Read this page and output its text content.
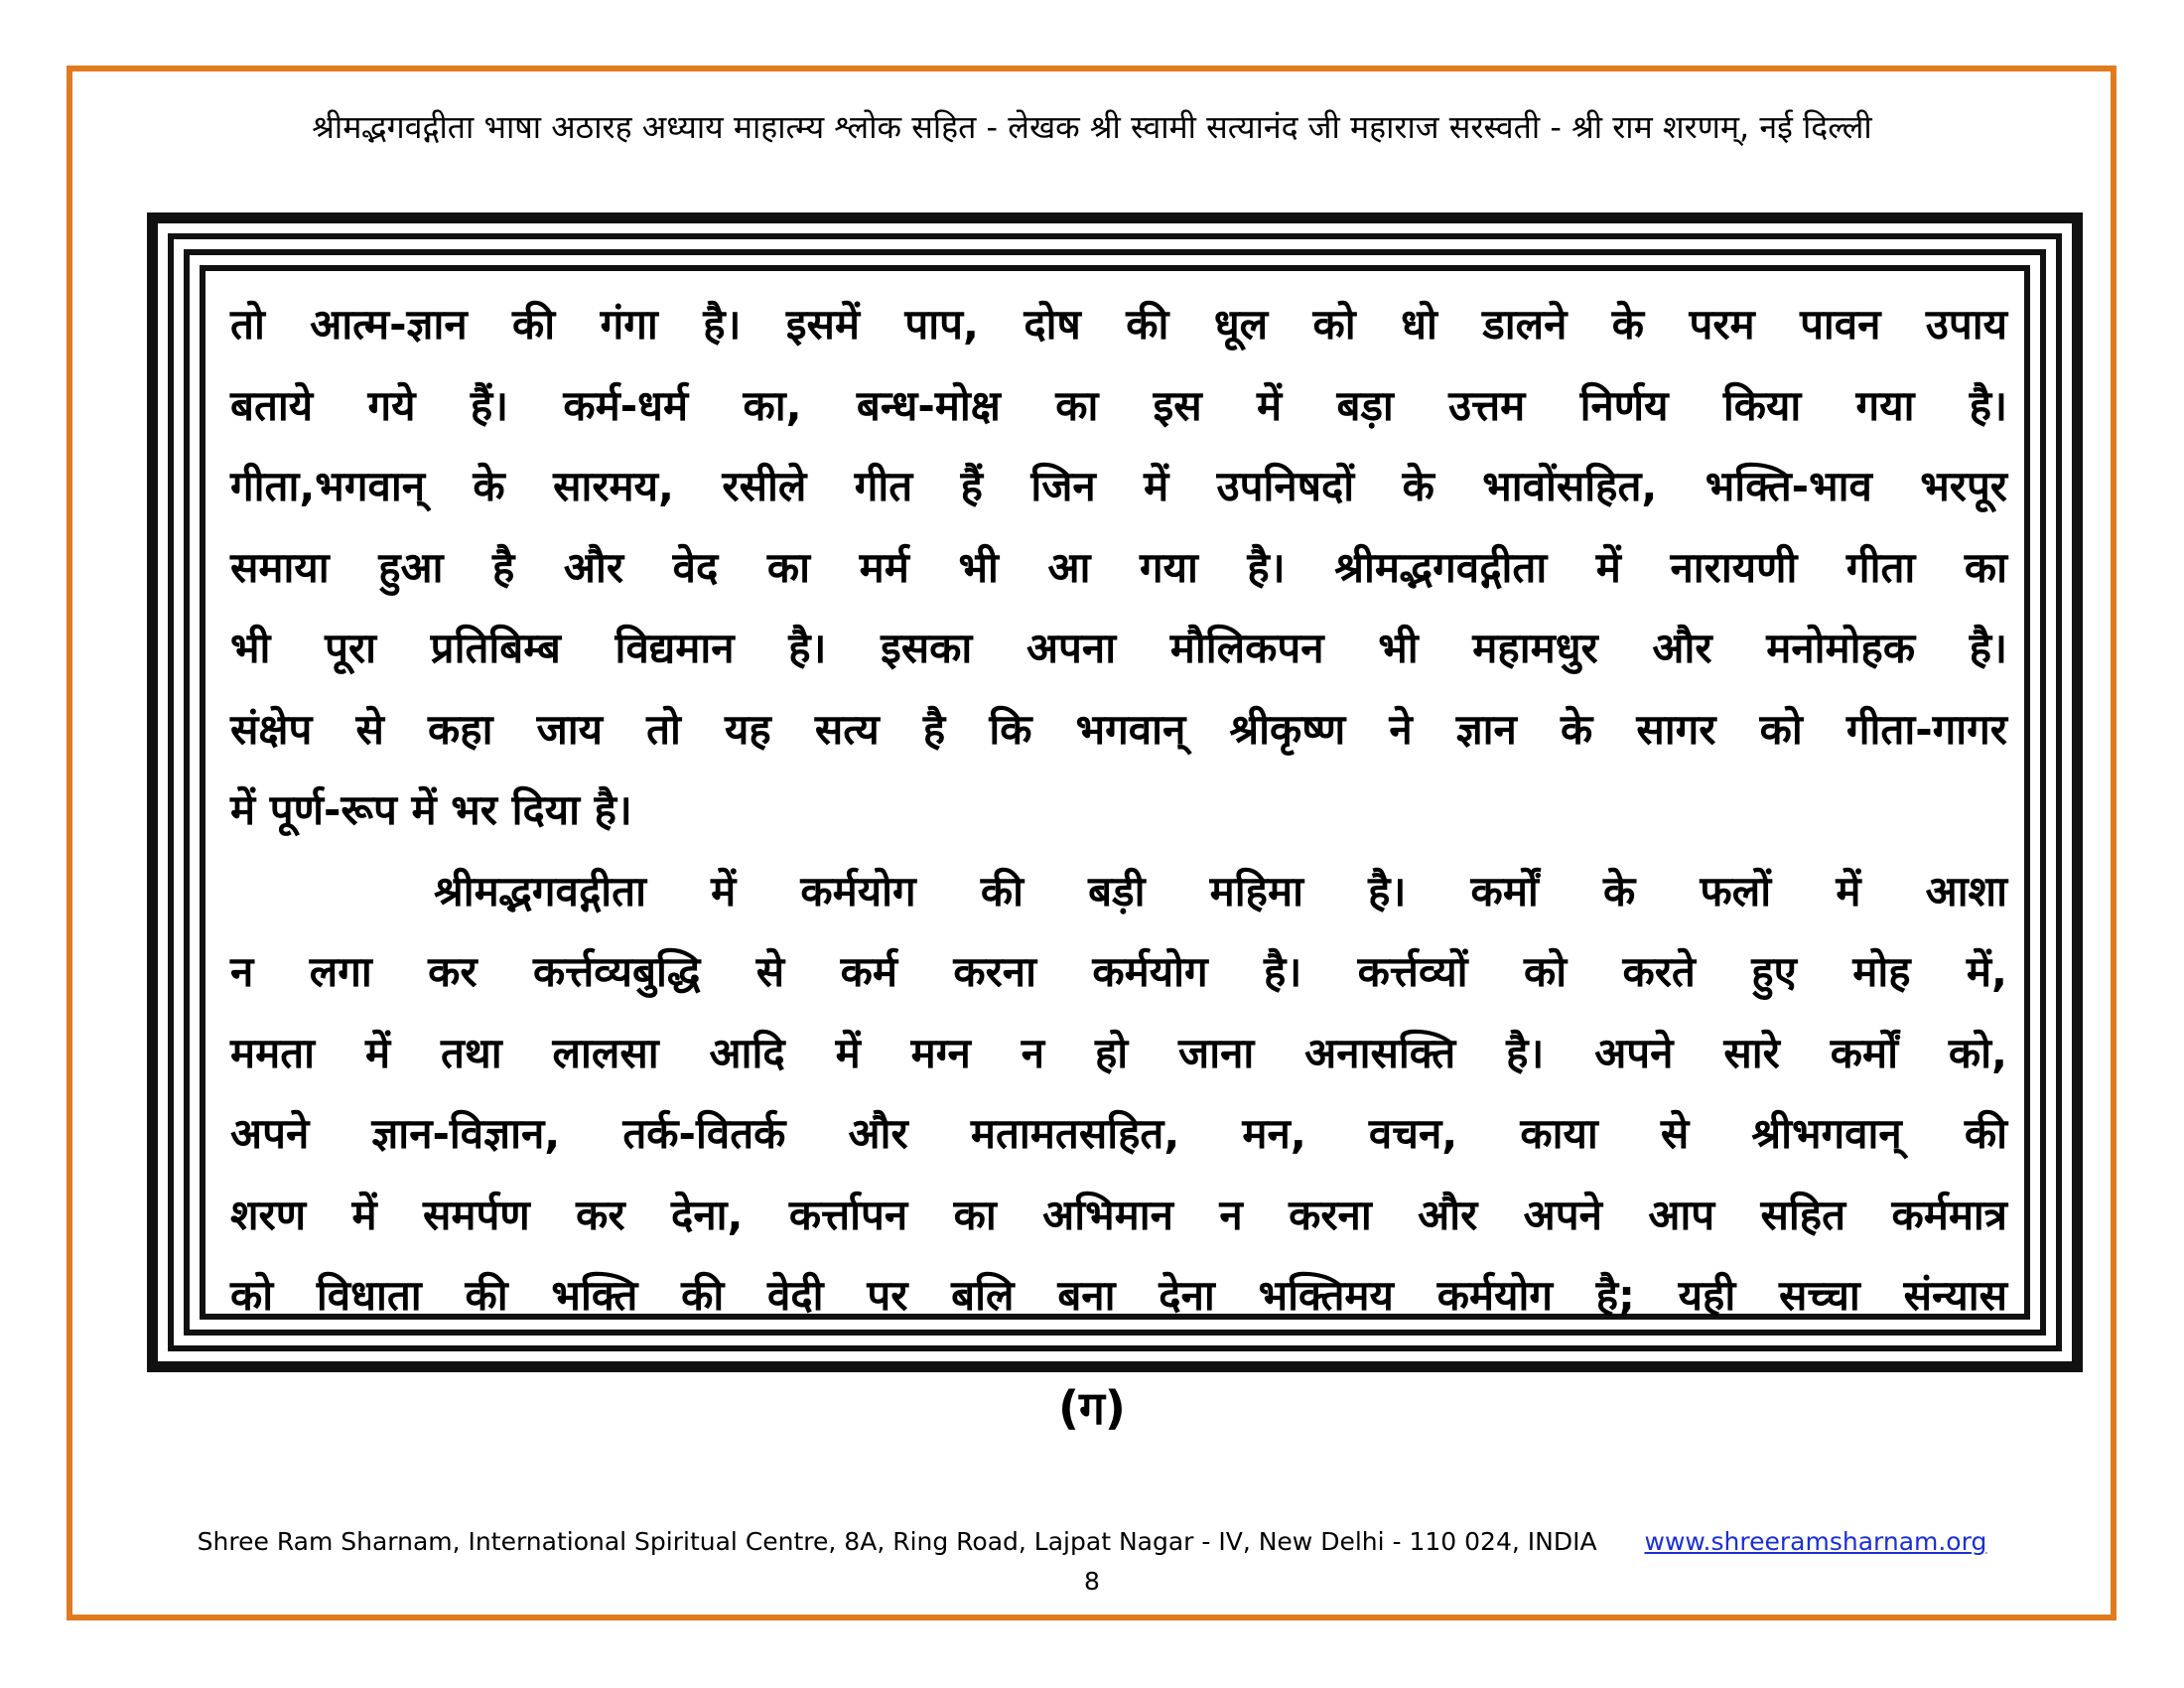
श्रीमद्भगवद्गीता भाषा अठारह अध्याय माहात्म्य श्लोक सहित - लेखक श्री स्वामी सत्यानंद जी महाराज सरस्वती - श्री राम शरणम्, नई दिल्ली
तो आत्म-ज्ञान की गंगा है। इसमें पाप, दोष की धूल को धो डालने के परम पावन उपाय
बताये गये हैं। कर्म-धर्म का, बन्ध-मोक्ष का इस में बड़ा उत्तम निर्णय किया गया है।
गीता,भगवान् के सारमय, रसीले गीत हैं जिन में उपनिषदों के भावोंसहित, भक्ति-भाव भरपूर
समाया हुआ है और वेद का मर्म भी आ गया है। श्रीमद्भगवद्गीता में नारायणी गीता का
भी पूरा प्रतिबिम्ब विद्यमान है। इसका अपना मौलिकपन भी महामधुर और मनोमोहक है।
संक्षेप से कहा जाय तो यह सत्य है कि भगवान् श्रीकृष्ण ने ज्ञान के सागर को गीता-गागर
में पूर्ण-रूप में भर दिया है।
श्रीमद्भगवद्गीता में कर्मयोग की बड़ी महिमा है। कर्मों के फलों में आशा
न लगा कर कर्त्तव्यबुद्धि से कर्म करना कर्मयोग है। कर्त्तव्यों को करते हुए मोह में,
ममता में तथा लालसा आदि में मग्न न हो जाना अनासक्ति है। अपने सारे कर्मों को,
अपने ज्ञान-विज्ञान, तर्क-वितर्क और मतामतसहित, मन, वचन, काया से श्रीभगवान् की
शरण में समर्पण कर देना, कर्त्तापन का अभिमान न करना और अपने आप सहित कर्ममात्र
को विधाता की भक्ति की वेदी पर बलि बना देना भक्तिमय कर्मयोग है; यही सच्चा संन्यास
(ग)
Shree Ram Sharnam, International Spiritual Centre, 8A, Ring Road, Lajpat Nagar - IV, New Delhi - 110 024, INDIA www.shreeramsharnam.org
8
